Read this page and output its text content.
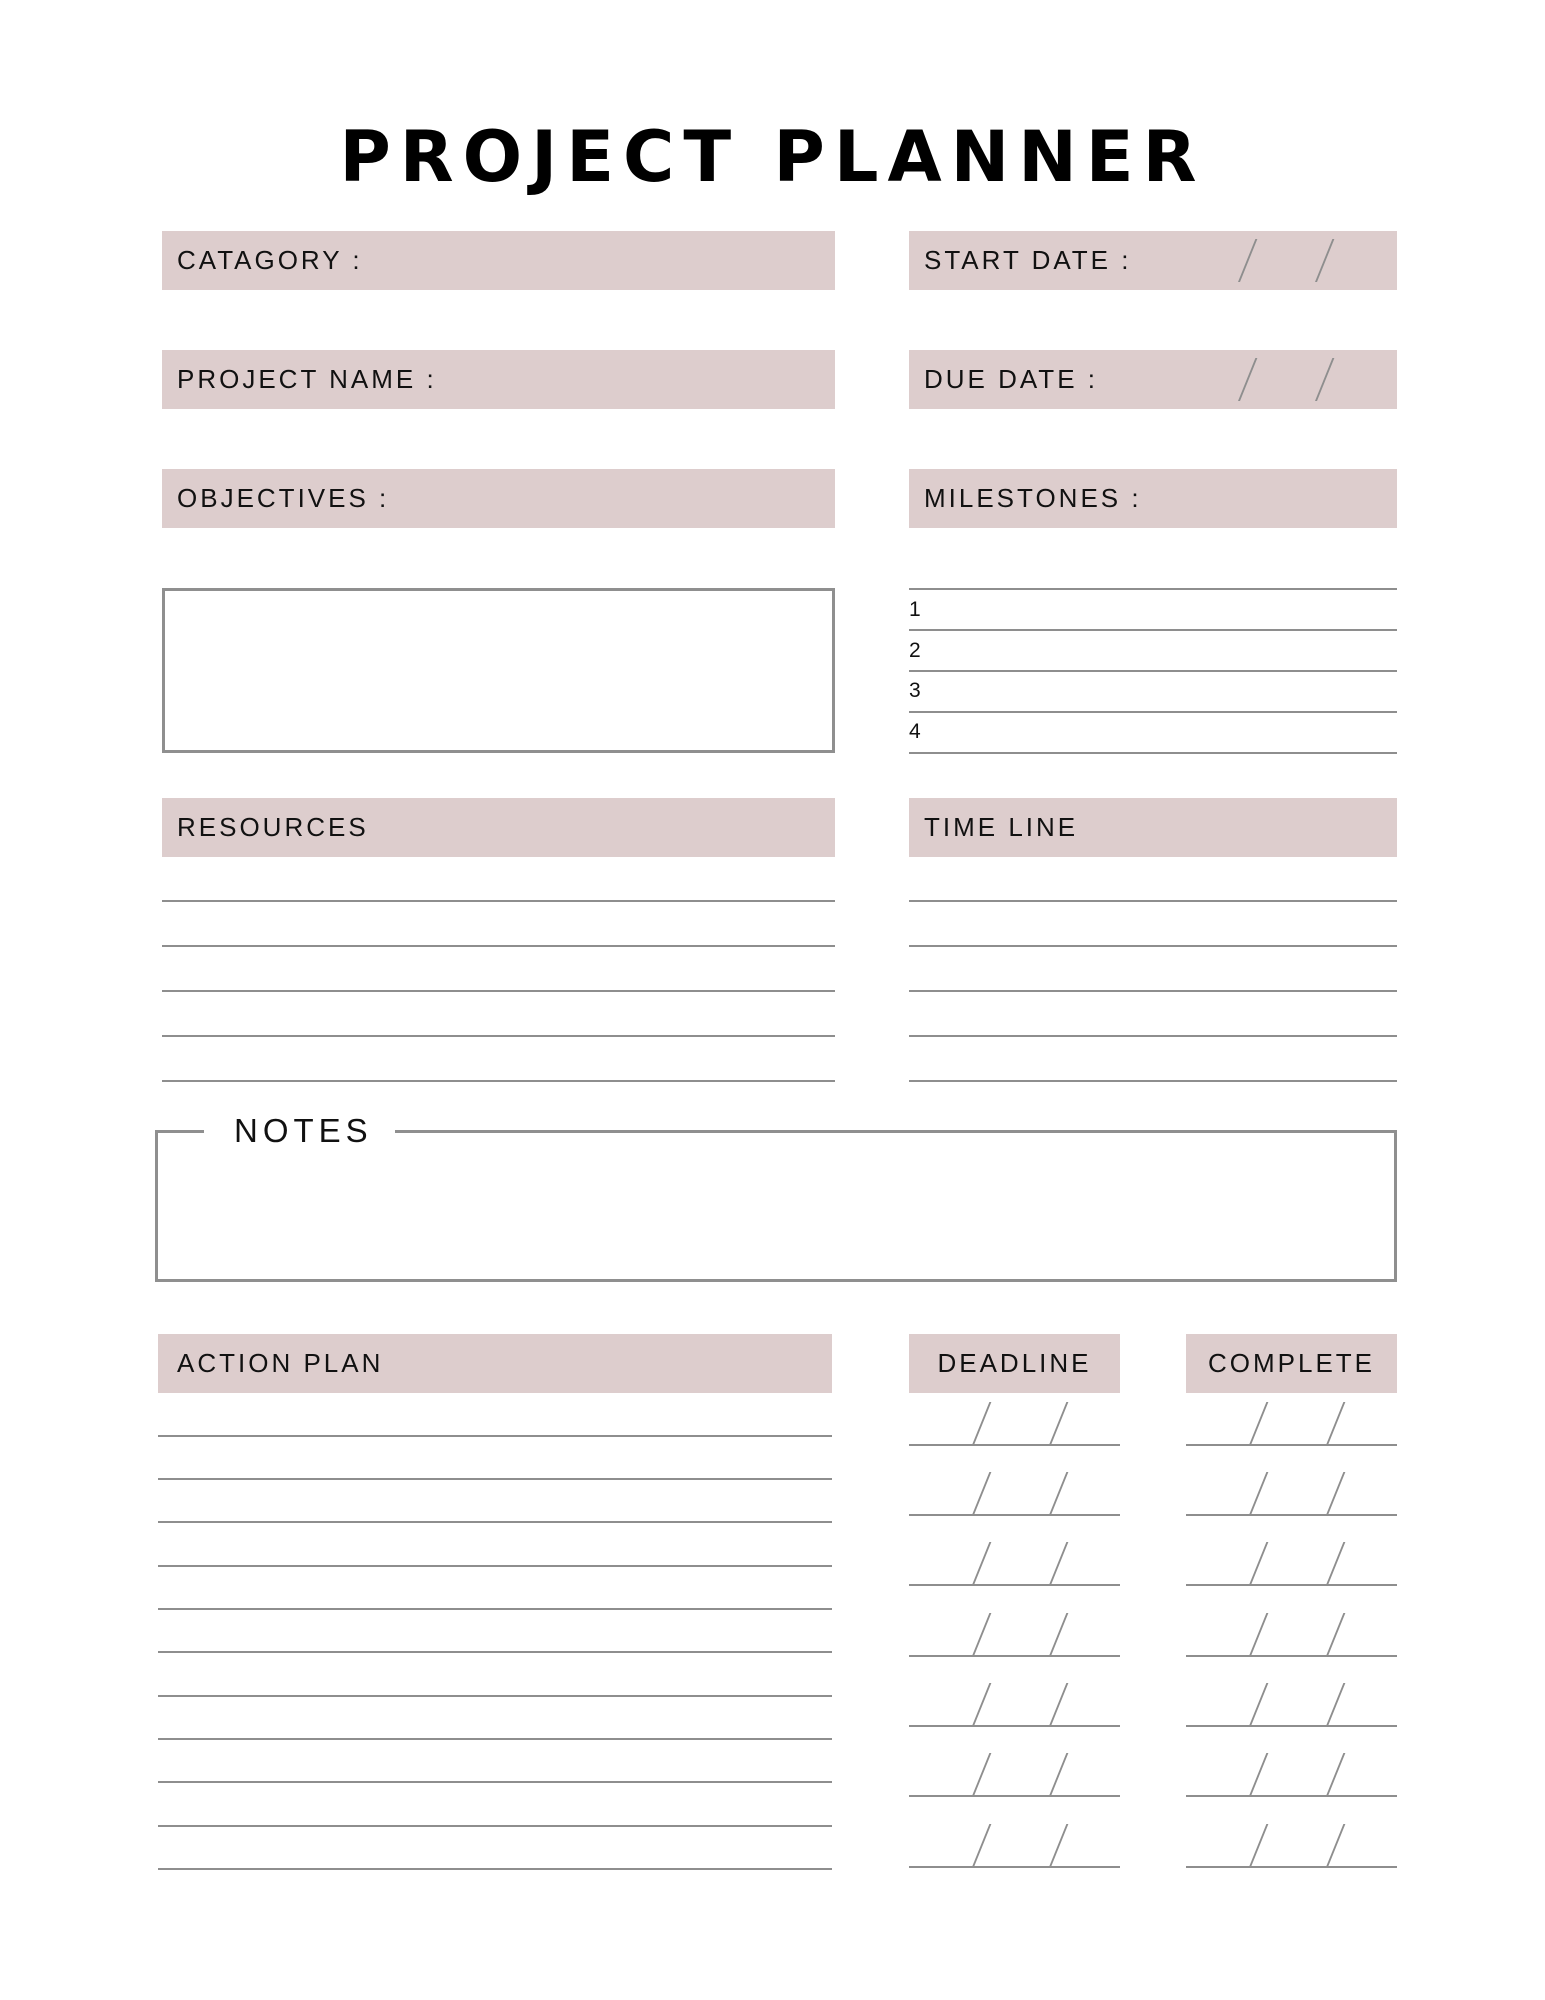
PROJECT PLANNER
CATAGORY :
PROJECT NAME :
OBJECTIVES :
START DATE :
DUE DATE :
MILESTONES :
1
2
3
4
RESOURCES	TIME LINE
NOTES
ACTION PLAN	DEADLINE	COMPLETE
